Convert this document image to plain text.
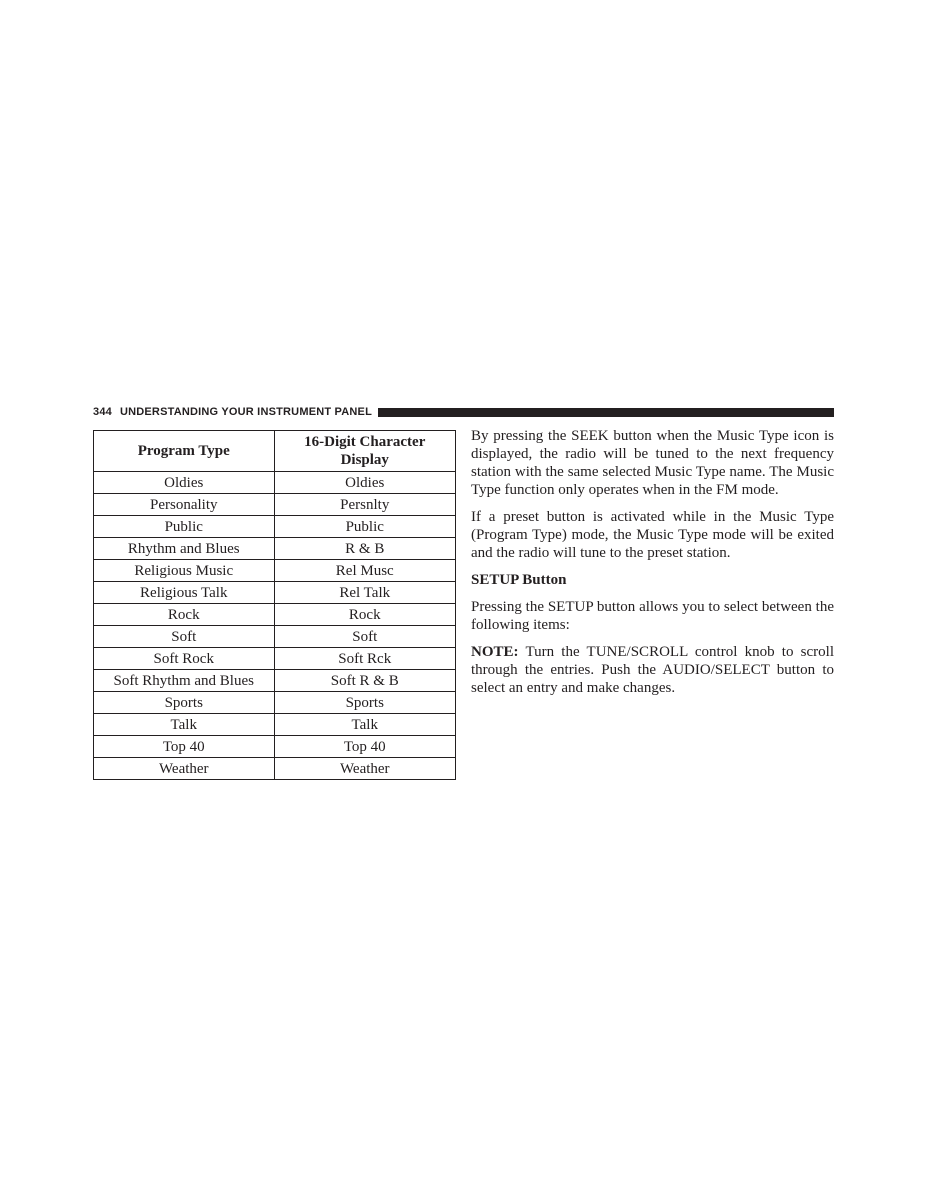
344 UNDERSTANDING YOUR INSTRUMENT PANEL
Program Type	16-Digit Character Display
Oldies	Oldies
Personality	Persnlty
Public	Public
Rhythm and Blues	R & B
Religious Music	Rel Musc
Religious Talk	Rel Talk
Rock	Rock
Soft	Soft
Soft Rock	Soft Rck
Soft Rhythm and Blues	Soft R & B
Sports	Sports
Talk	Talk
Top 40	Top 40
Weather	Weather

By pressing the SEEK button when the Music Type icon is displayed, the radio will be tuned to the next frequency station with the same selected Music Type name. The Music Type function only operates when in the FM mode.

If a preset button is activated while in the Music Type (Program Type) mode, the Music Type mode will be exited and the radio will tune to the preset station.

SETUP Button

Pressing the SETUP button allows you to select between the following items:

NOTE: Turn the TUNE/SCROLL control knob to scroll through the entries. Push the AUDIO/SELECT button to select an entry and make changes.
